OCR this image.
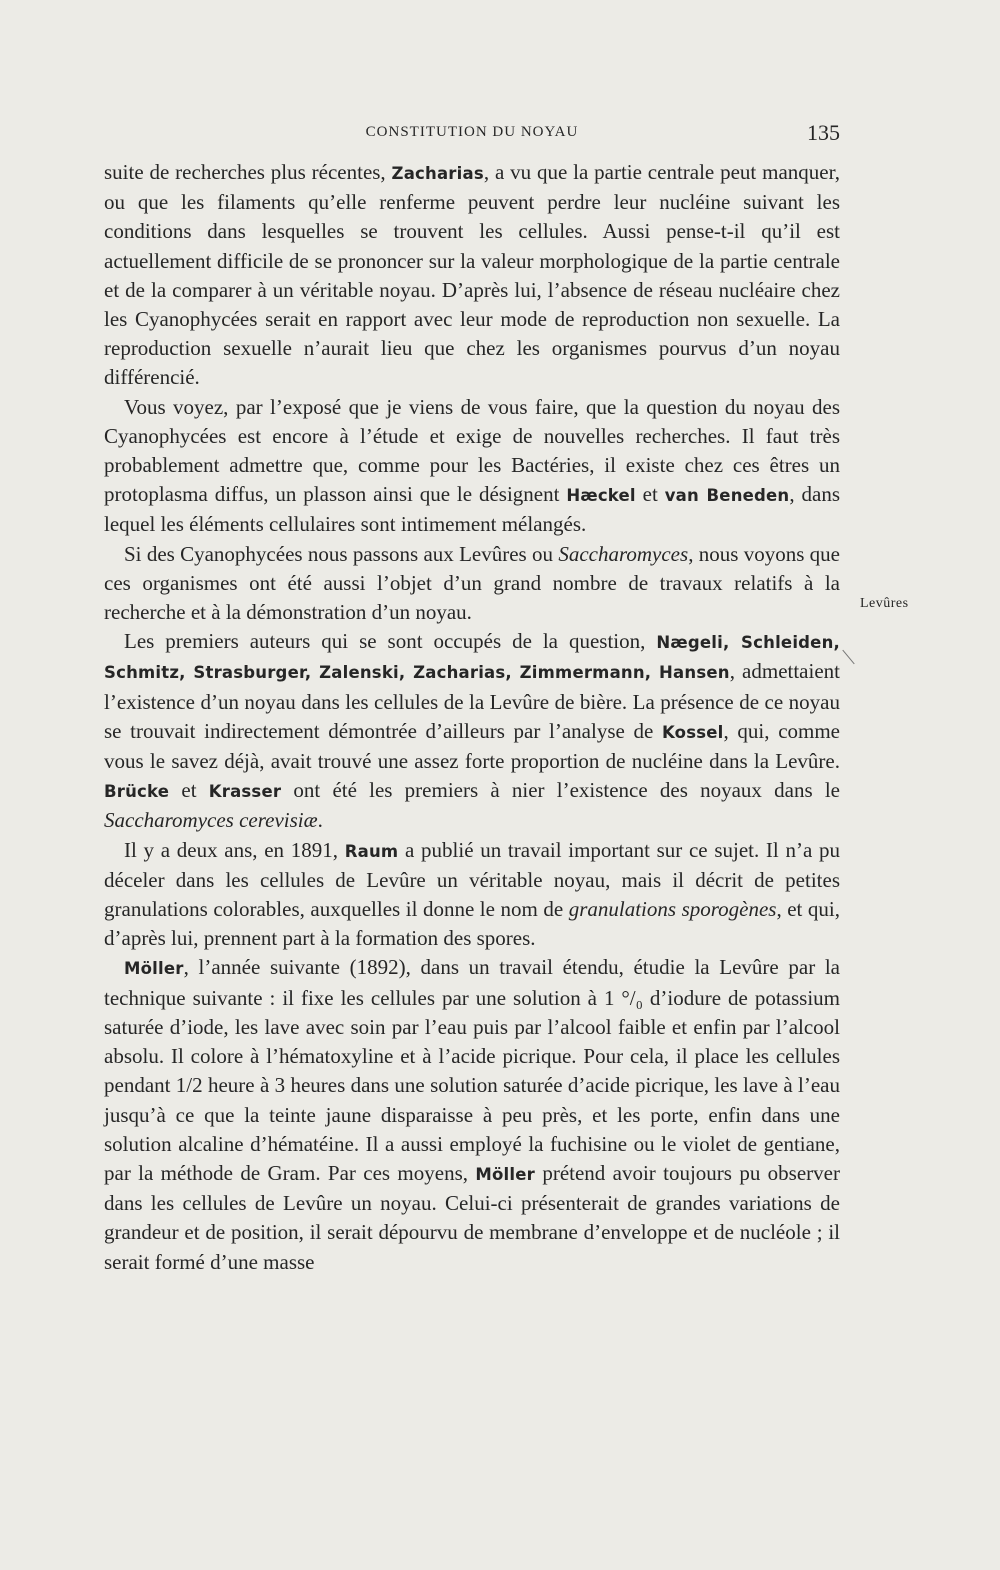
CONSTITUTION DU NOYAU	135

suite de recherches plus récentes, Zacharias, a vu que la partie centrale peut manquer, ou que les filaments qu’elle renferme peuvent perdre leur nucléine suivant les conditions dans lesquelles se trouvent les cellules. Aussi pense-t-il qu’il est actuellement difficile de se prononcer sur la valeur morphologique de la partie centrale et de la comparer à un véritable noyau. D’après lui, l’absence de réseau nucléaire chez les Cyanophycées serait en rapport avec leur mode de reproduction non sexuelle. La reproduction sexuelle n’aurait lieu que chez les organismes pourvus d’un noyau différencié.

Vous voyez, par l’exposé que je viens de vous faire, que la question du noyau des Cyanophycées est encore à l’étude et exige de nouvelles recherches. Il faut très probablement admettre que, comme pour les Bactéries, il existe chez ces êtres un protoplasma diffus, un plasson ainsi que le désignent Hæckel et van Beneden, dans lequel les éléments cellulaires sont intimement mélangés.

Si des Cyanophycées nous passons aux Levûres ou Saccharomyces, nous voyons que ces organismes ont été aussi l’objet d’un grand nombre de travaux relatifs à la recherche et à la démonstration d’un noyau.

Les premiers auteurs qui se sont occupés de la question, Nægeli, Schleiden, Schmitz, Strasburger, Zalenski, Zacharias, Zimmermann, Hansen, admettaient l’existence d’un noyau dans les cellules de la Levûre de bière. La présence de ce noyau se trouvait indirectement démontrée d’ailleurs par l’analyse de Kossel, qui, comme vous le savez déjà, avait trouvé une assez forte proportion de nucléine dans la Levûre. Brücke et Krasser ont été les premiers à nier l’existence des noyaux dans le Saccharomyces cerevisiæ.

Il y a deux ans, en 1891, Raum a publié un travail important sur ce sujet. Il n’a pu déceler dans les cellules de Levûre un véritable noyau, mais il décrit de petites granulations colorables, auxquelles il donne le nom de granulations sporogènes, et qui, d’après lui, prennent part à la formation des spores.

Möller, l’année suivante (1892), dans un travail étendu, étudie la Levûre par la technique suivante : il fixe les cellules par une solution à 1 °/₀ d’iodure de potassium saturée d’iode, les lave avec soin par l’eau puis par l’alcool faible et enfin par l’alcool absolu. Il colore à l’hématoxyline et à l’acide picrique. Pour cela, il place les cellules pendant 1/2 heure à 3 heures dans une solution saturée d’acide picrique, les lave à l’eau jusqu’à ce que la teinte jaune disparaisse à peu près, et les porte, enfin dans une solution alcaline d’hématéine. Il a aussi employé la fuchisine ou le violet de gentiane, par la méthode de Gram. Par ces moyens, Möller prétend avoir toujours pu observer dans les cellules de Levûre un noyau. Celui-ci présenterait de grandes variations de grandeur et de position, il serait dépourvu de membrane d’enveloppe et de nucléole ; il serait formé d’une masse

Levûres
